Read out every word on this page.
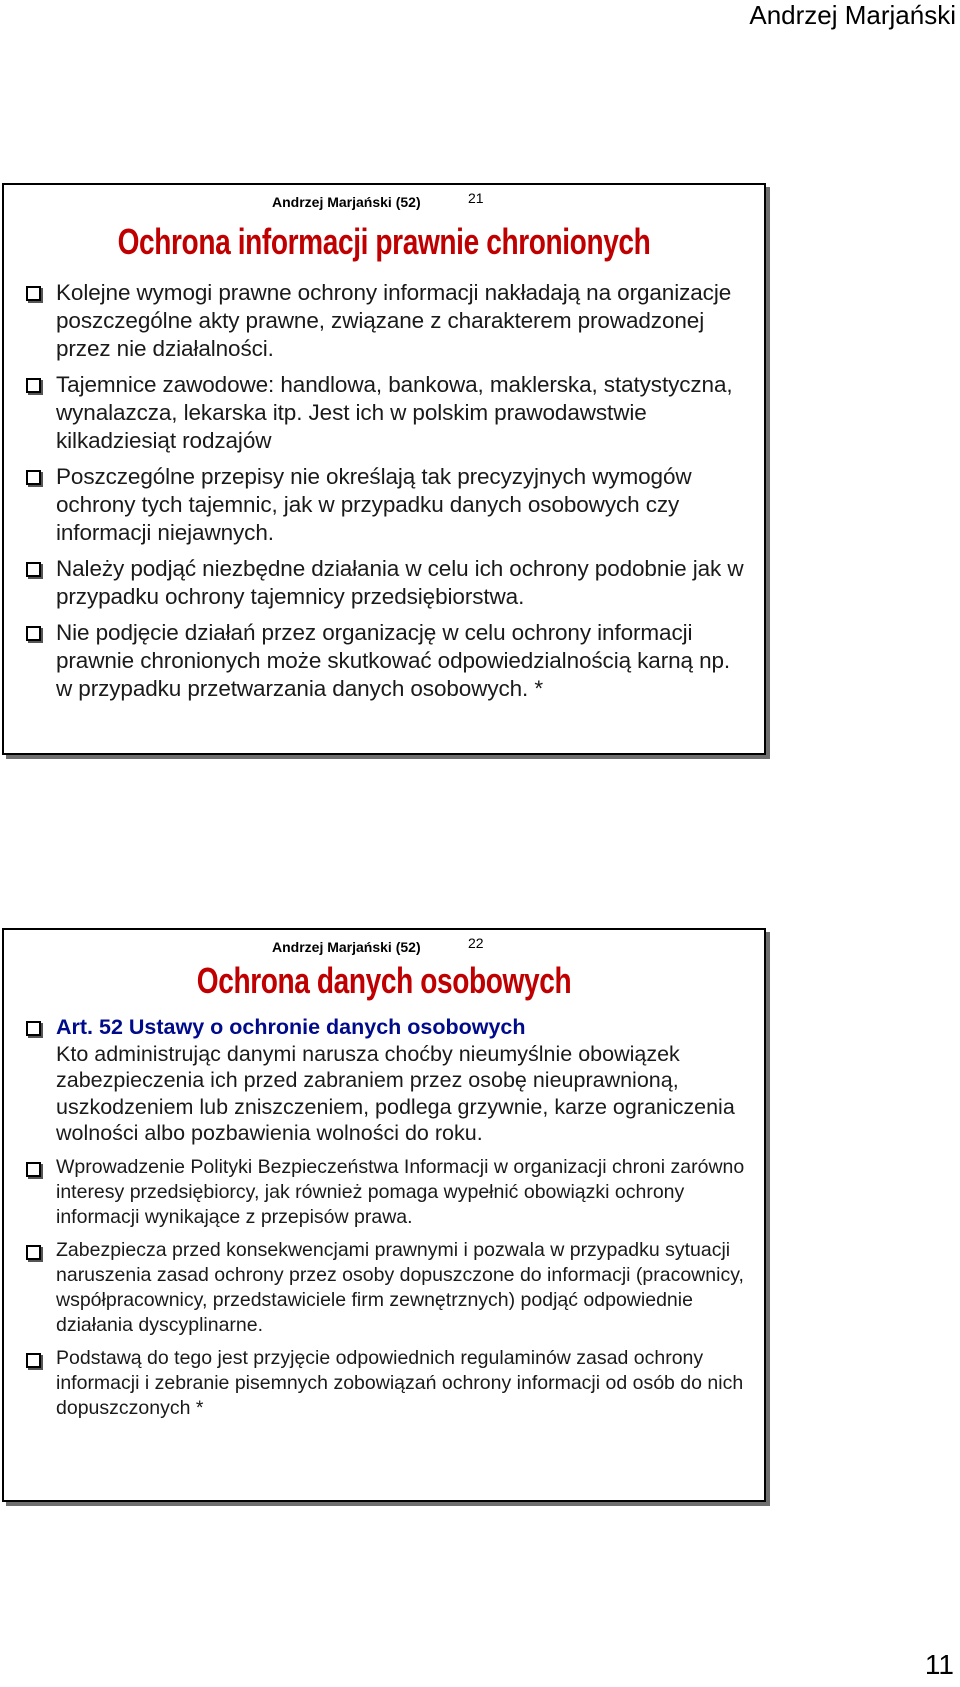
Andrzej Marjański
Andrzej Marjański (52)	21
Ochrona informacji prawnie chronionych
Kolejne wymogi prawne ochrony informacji nakładają na organizacje poszczególne akty prawne, związane z charakterem prowadzonej przez nie działalności.
Tajemnice zawodowe: handlowa, bankowa, maklerska, statystyczna, wynalazcza, lekarska itp. Jest ich w polskim prawodawstwie kilkadziesiąt rodzajów
Poszczególne przepisy nie określają tak precyzyjnych wymogów ochrony tych tajemnic, jak w przypadku danych osobowych czy informacji niejawnych.
Należy podjąć niezbędne działania w celu ich ochrony podobnie jak w przypadku ochrony tajemnicy przedsiębiorstwa.
Nie podjęcie działań przez organizację w celu ochrony informacji prawnie chronionych może skutkować odpowiedzialnością karną np. w przypadku przetwarzania danych osobowych. *
Andrzej Marjański (52)	22
Ochrona danych osobowych
Art. 52 Ustawy o ochronie danych osobowych
Kto administrując danymi narusza choćby nieumyślnie obowiązek zabezpieczenia ich przed zabraniem przez osobę nieuprawnioną, uszkodzeniem lub zniszczeniem, podlega grzywnie, karze ograniczenia wolności albo pozbawienia wolności do roku.
Wprowadzenie Polityki Bezpieczeństwa Informacji w organizacji chroni zarówno interesy przedsiębiorcy, jak również pomaga wypełnić obowiązki ochrony informacji wynikające z przepisów prawa.
Zabezpiecza przed konsekwencjami prawnymi i pozwala w przypadku sytuacji naruszenia zasad ochrony przez osoby dopuszczone do informacji (pracownicy, współpracownicy, przedstawiciele firm zewnętrznych) podjąć odpowiednie działania dyscyplinarne.
Podstawą do tego jest przyjęcie odpowiednich regulaminów zasad ochrony informacji i zebranie pisemnych zobowiązań ochrony informacji od osób do nich dopuszczonych *
11
